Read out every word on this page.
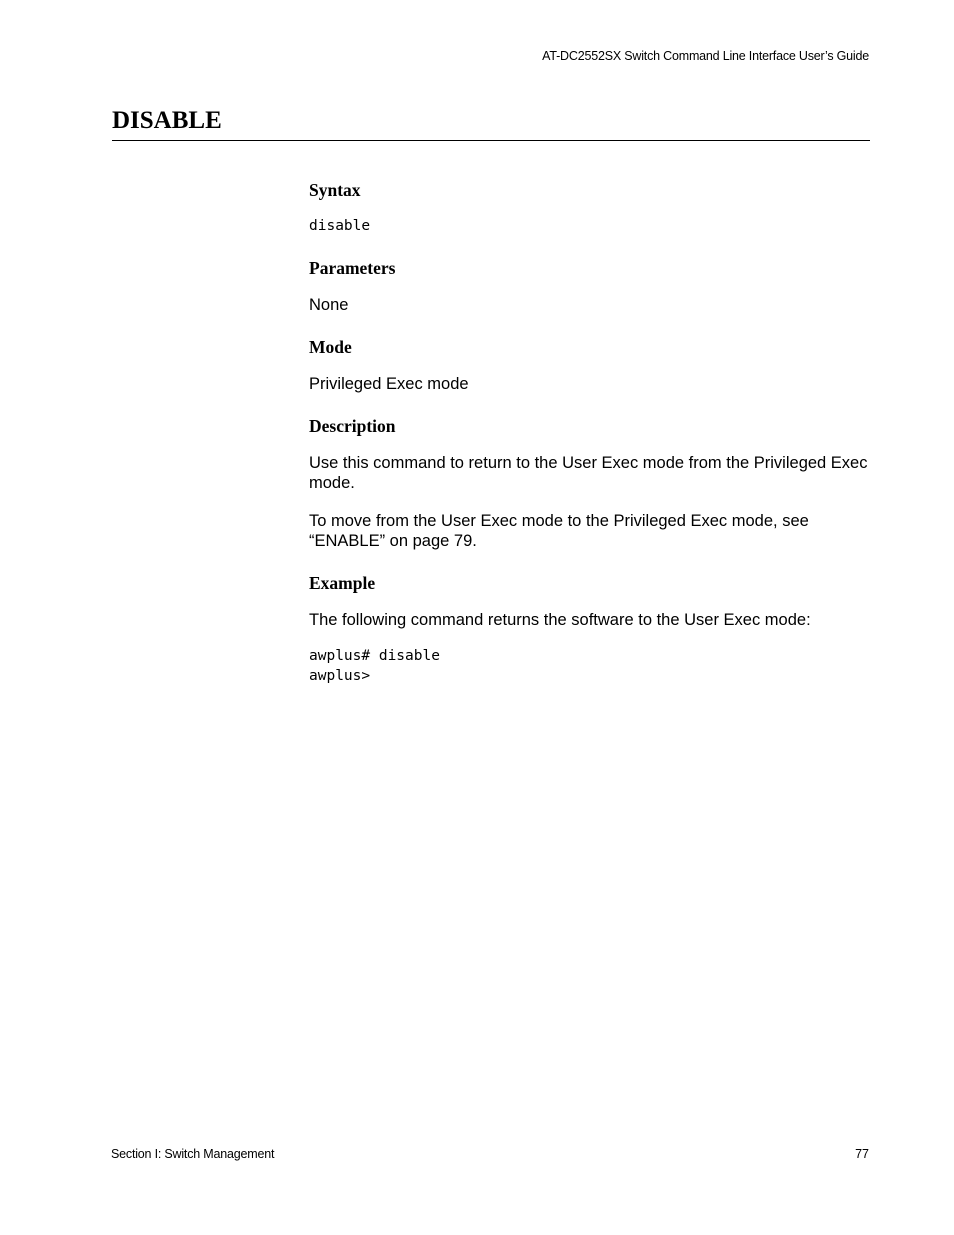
AT-DC2552SX Switch Command Line Interface User’s Guide
DISABLE
Syntax

disable

Parameters

None

Mode

Privileged Exec mode

Description

Use this command to return to the User Exec mode from the Privileged Exec mode.

To move from the User Exec mode to the Privileged Exec mode, see “ENABLE” on page 79.

Example

The following command returns the software to the User Exec mode:

awplus# disable

awplus>

Section I: Switch Management	77
